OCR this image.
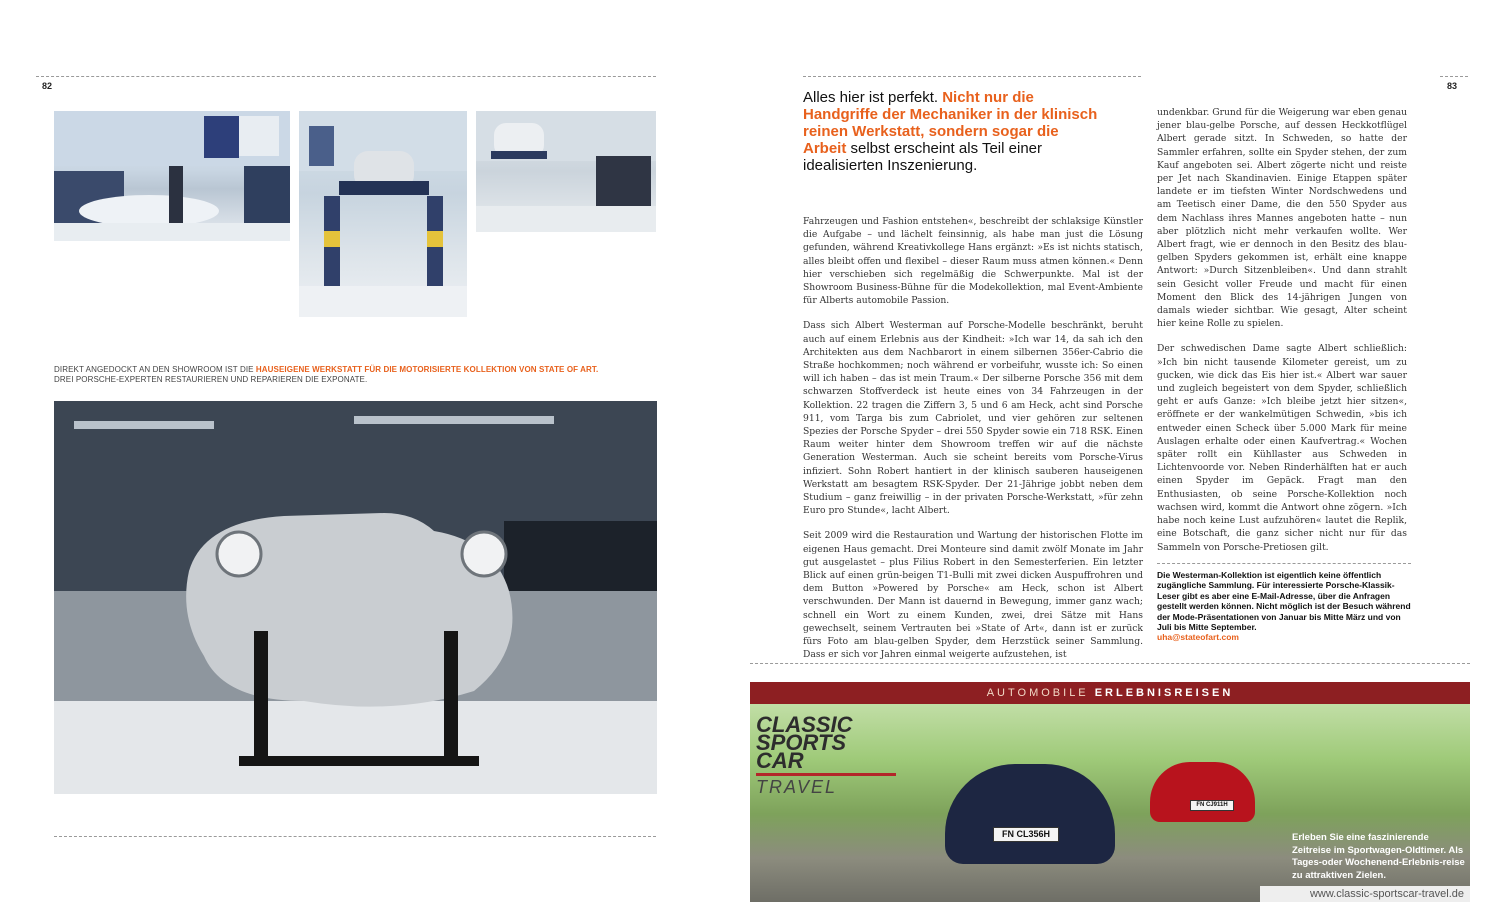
82
DIREKT ANGEDOCKT AN DEN SHOWROOM IST DIE HAUSEIGENE WERKSTATT FÜR DIE MOTORISIERTE KOLLEKTION VON STATE OF ART.
DREI PORSCHE-EXPERTEN RESTAURIEREN UND REPARIEREN DIE EXPONATE.
83
Alles hier ist perfekt. Nicht nur die Handgriffe der Mechaniker in der klinisch reinen Werkstatt, sondern sogar die Arbeit selbst erscheint als Teil einer idealisierten Inszenierung.

Fahrzeugen und Fashion entstehen«, beschreibt der schlaksige Künstler die Aufgabe – und lächelt feinsinnig, als habe man just die Lösung gefunden, während Kreativkollege Hans ergänzt: »Es ist nichts statisch, alles bleibt offen und flexibel – dieser Raum muss atmen können.« Denn hier verschieben sich regelmäßig die Schwerpunkte. Mal ist der Showroom Business-Bühne für die Modekollektion, mal Event-Ambiente für Alberts automobile Passion.

Dass sich Albert Westerman auf Porsche-Modelle beschränkt, beruht auch auf einem Erlebnis aus der Kindheit: »Ich war 14, da sah ich den Architekten aus dem Nachbarort in einem silbernen 356er-Cabrio die Straße hochkommen; noch während er vorbeifuhr, wusste ich: So einen will ich haben – das ist mein Traum.« Der silberne Porsche 356 mit dem schwarzen Stoffverdeck ist heute eines von 34 Fahrzeugen in der Kollektion. 22 tragen die Ziffern 3, 5 und 6 am Heck, acht sind Porsche 911, vom Targa bis zum Cabriolet, und vier gehören zur seltenen Spezies der Porsche Spyder – drei 550 Spyder sowie ein 718 RSK. Einen Raum weiter hinter dem Showroom treffen wir auf die nächste Generation Westerman. Auch sie scheint bereits vom Porsche-Virus infiziert. Sohn Robert hantiert in der klinisch sauberen hauseigenen Werkstatt am besagtem RSK-Spyder. Der 21-Jährige jobbt neben dem Studium – ganz freiwillig – in der privaten Porsche-Werkstatt, »für zehn Euro pro Stunde«, lacht Albert.

Seit 2009 wird die Restauration und Wartung der historischen Flotte im eigenen Haus gemacht. Drei Monteure sind damit zwölf Monate im Jahr gut ausgelastet – plus Filius Robert in den Semesterferien. Ein letzter Blick auf einen grün-beigen T1-Bulli mit zwei dicken Auspuffrohren und dem Button »Powered by Porsche« am Heck, schon ist Albert verschwunden. Der Mann ist dauernd in Bewegung, immer ganz wach; schnell ein Wort zu einem Kunden, zwei, drei Sätze mit Hans gewechselt, seinem Vertrauten bei »State of Art«, dann ist er zurück fürs Foto am blau-gelben Spyder, dem Herzstück seiner Sammlung. Dass er sich vor Jahren einmal weigerte aufzustehen, ist

undenkbar. Grund für die Weigerung war eben genau jener blau-gelbe Porsche, auf dessen Heckkotflügel Albert gerade sitzt. In Schweden, so hatte der Sammler erfahren, sollte ein Spyder stehen, der zum Kauf angeboten sei. Albert zögerte nicht und reiste per Jet nach Skandinavien. Einige Etappen später landete er im tiefsten Winter Nordschwedens und am Teetisch einer Dame, die den 550 Spyder aus dem Nachlass ihres Mannes angeboten hatte – nun aber plötzlich nicht mehr verkaufen wollte. Wer Albert fragt, wie er dennoch in den Besitz des blau-gelben Spyders gekommen ist, erhält eine knappe Antwort: »Durch Sitzenbleiben«. Und dann strahlt sein Gesicht voller Freude und macht für einen Moment den Blick des 14-jährigen Jungen von damals wieder sichtbar. Wie gesagt, Alter scheint hier keine Rolle zu spielen.

Der schwedischen Dame sagte Albert schließlich: »Ich bin nicht tausende Kilometer gereist, um zu gucken, wie dick das Eis hier ist.« Albert war sauer und zugleich begeistert von dem Spyder, schließlich geht er aufs Ganze: »Ich bleibe jetzt hier sitzen«, eröffnete er der wankelmütigen Schwedin, »bis ich entweder einen Scheck über 5.000 Mark für meine Auslagen erhalte oder einen Kaufvertrag.« Wochen später rollt ein Kühllaster aus Schweden in Lichtenvoorde vor. Neben Rinderhälften hat er auch einen Spyder im Gepäck. Fragt man den Enthusiasten, ob seine Porsche-Kollektion noch wachsen wird, kommt die Antwort ohne zögern. »Ich habe noch keine Lust aufzuhören« lautet die Replik, eine Botschaft, die ganz sicher nicht nur für das Sammeln von Porsche-Pretiosen gilt.

Die Westerman-Kollektion ist eigentlich keine öffentlich zugängliche Sammlung. Für interessierte Porsche-Klassik-Leser gibt es aber eine E-Mail-Adresse, über die Anfragen gestellt werden können. Nicht möglich ist der Besuch während der Mode-Präsentationen von Januar bis Mitte März und von Juli bis Mitte September.
uha@stateofart.com
AUTOMOBILE ERLEBNISREISEN
CLASSIC
SPORTS
CAR
TRAVEL
FN CL356H
FN CJ911H
Erleben Sie eine faszinierende Zeitreise im Sportwagen-Oldtimer. Als Tages-oder Wochenend-Erlebnis-reise zu attraktiven Zielen.
www.classic-sportscar-travel.de
